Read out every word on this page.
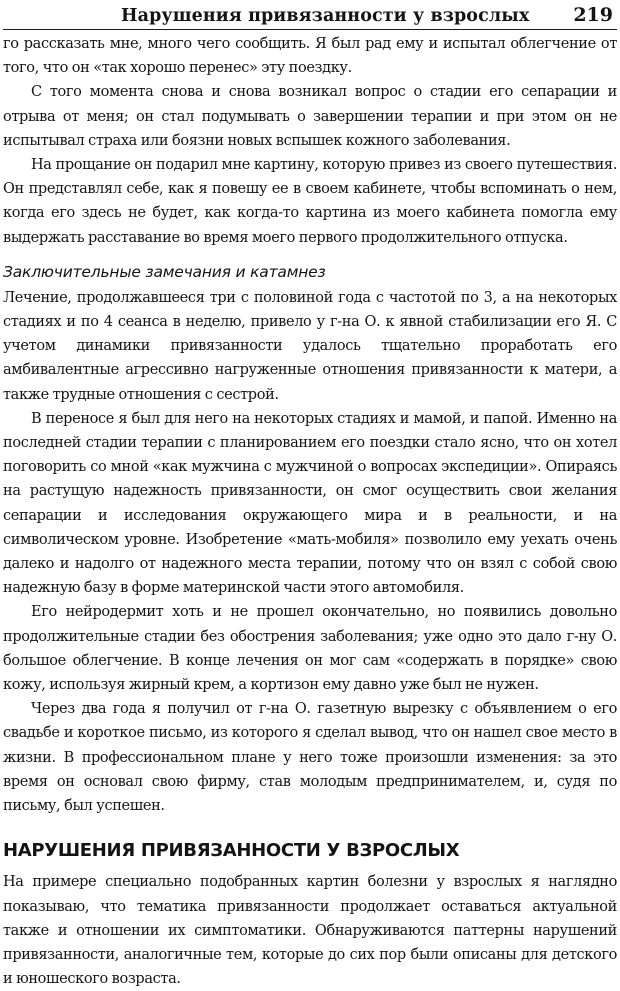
Нарушения привязанности у взрослых 219

го рассказать мне, много чего сообщить. Я был рад ему и испытал облегчение от того, что он «так хорошо перенес» эту поездку.

С того момента снова и снова возникал вопрос о стадии его сепарации и отрыва от меня; он стал подумывать о завершении терапии и при этом он не испытывал страха или боязни новых вспышек кожного заболевания.

На прощание он подарил мне картину, которую привез из своего путешествия. Он представлял себе, как я повешу ее в своем кабинете, чтобы вспоминать о нем, когда его здесь не будет, как когда-то картина из моего кабинета помогла ему выдержать расставание во время моего первого продолжительного отпуска.

Заключительные замечания и катамнез

Лечение, продолжавшееся три с половиной года с частотой по 3, а на некоторых стадиях и по 4 сеанса в неделю, привело у г-на О. к явной стабилизации его Я. С учетом динамики привязанности удалось тщательно проработать его амбивалентные агрессивно нагруженные отношения привязанности к матери, а также трудные отношения с сестрой.

В переносе я был для него на некоторых стадиях и мамой, и папой. Именно на последней стадии терапии с планированием его поездки стало ясно, что он хотел поговорить со мной «как мужчина с мужчиной о вопросах экспедиции». Опираясь на растущую надежность привязанности, он смог осуществить свои желания сепарации и исследования окружающего мира и в реальности, и на символическом уровне. Изобретение «мать-мобиля» позволило ему уехать очень далеко и надолго от надежного места терапии, потому что он взял с собой свою надежную базу в форме материнской части этого автомобиля.

Его нейродермит хоть и не прошел окончательно, но появились довольно продолжительные стадии без обострения заболевания; уже одно это дало г-ну О. большое облегчение. В конце лечения он мог сам «содержать в порядке» свою кожу, используя жирный крем, а кортизон ему давно уже был не нужен.

Через два года я получил от г-на О. газетную вырезку с объявлением о его свадьбе и короткое письмо, из которого я сделал вывод, что он нашел свое место в жизни. В профессиональном плане у него тоже произошли изменения: за это время он основал свою фирму, став молодым предпринимателем, и, судя по письму, был успешен.

НАРУШЕНИЯ ПРИВЯЗАННОСТИ У ВЗРОСЛЫХ

На примере специально подобранных картин болезни у взрослых я наглядно показываю, что тематика привязанности продолжает оставаться актуальной также и отношении их симптоматики. Обнаруживаются паттерны нарушений привязанности, аналогичные тем, которые до сих пор были описаны для детского и юношеского возраста.
